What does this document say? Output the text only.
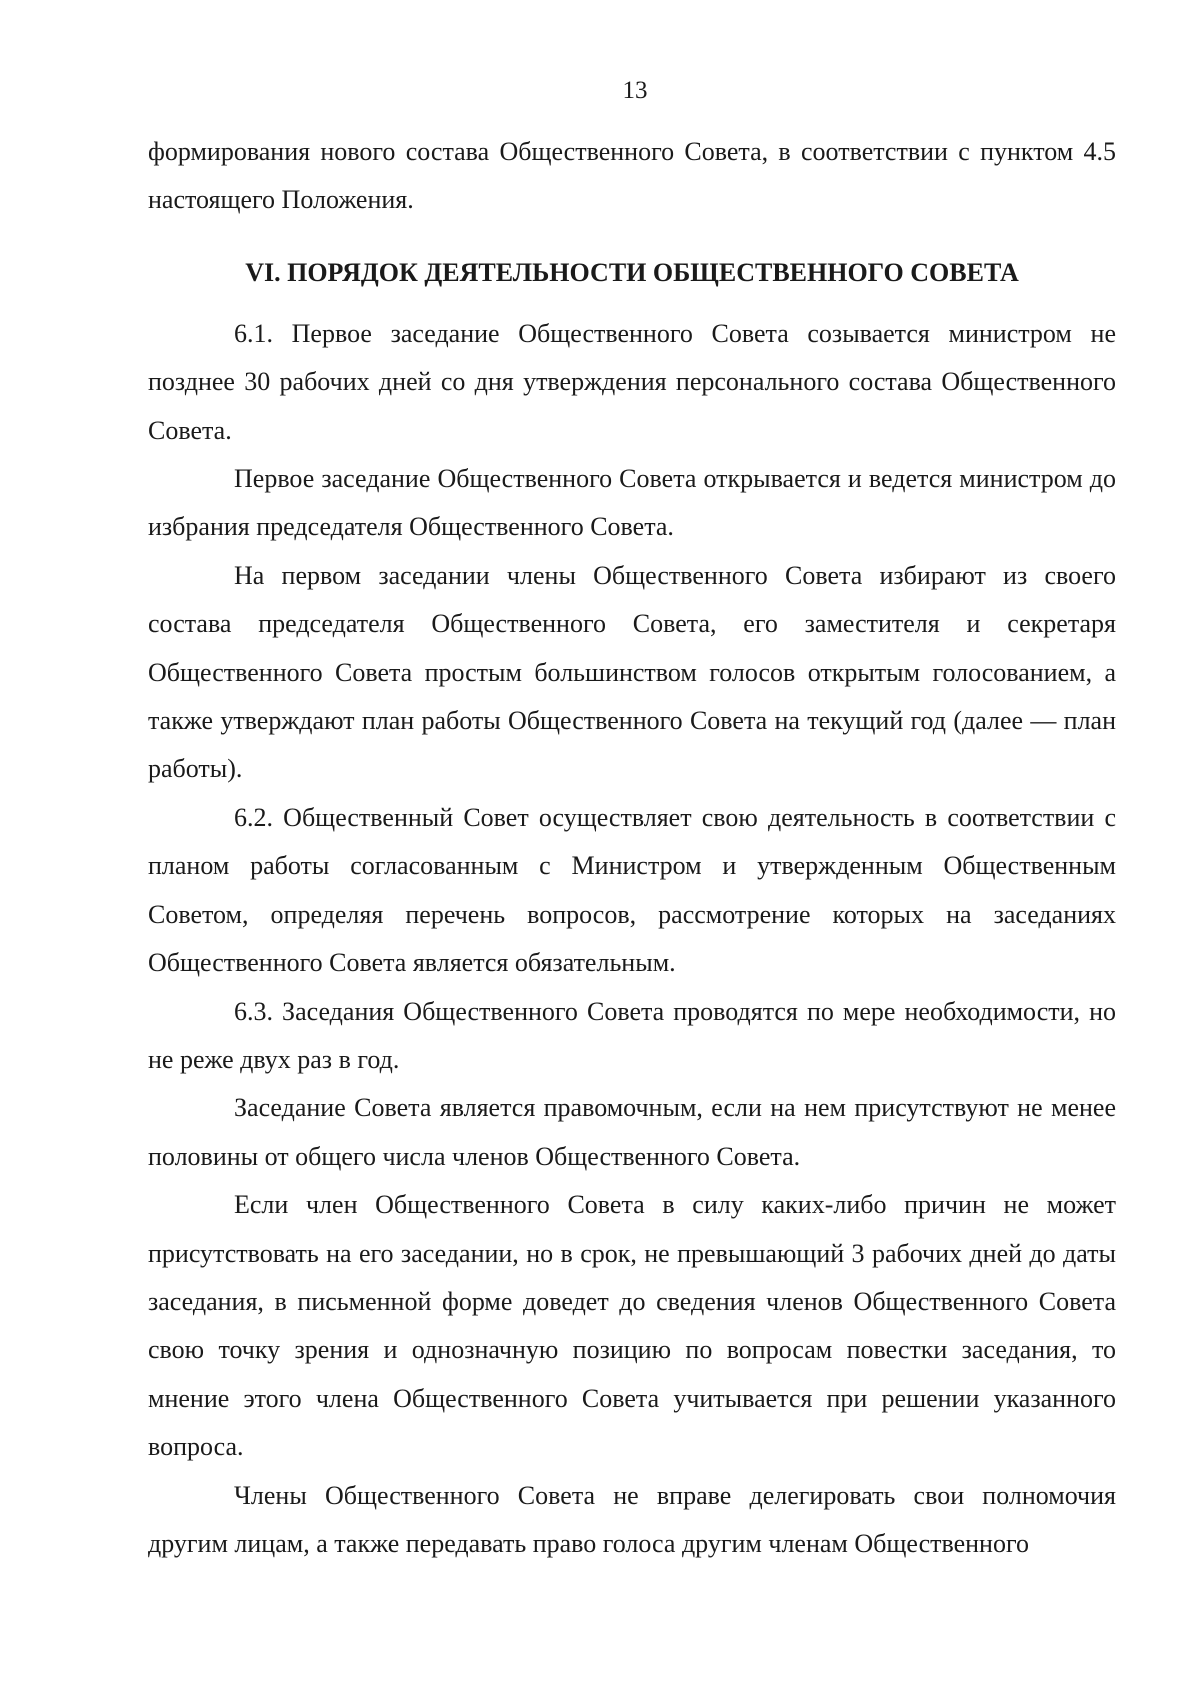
13

формирования нового состава Общественного Совета, в соответствии с пунктом 4.5 настоящего Положения.

VI. ПОРЯДОК ДЕЯТЕЛЬНОСТИ ОБЩЕСТВЕННОГО СОВЕТА

6.1. Первое заседание Общественного Совета созывается министром не позднее 30 рабочих дней со дня утверждения персонального состава Общественного Совета.

Первое заседание Общественного Совета открывается и ведется министром до избрания председателя Общественного Совета.

На первом заседании члены Общественного Совета избирают из своего состава председателя Общественного Совета, его заместителя и секретаря Общественного Совета простым большинством голосов открытым голосованием, а также утверждают план работы Общественного Совета на текущий год (далее — план работы).

6.2. Общественный Совет осуществляет свою деятельность в соответствии с планом работы согласованным с Министром и утвержденным Общественным Советом, определяя перечень вопросов, рассмотрение которых на заседаниях Общественного Совета является обязательным.

6.3. Заседания Общественного Совета проводятся по мере необходимости, но не реже двух раз в год.

Заседание Совета является правомочным, если на нем присутствуют не менее половины от общего числа членов Общественного Совета.

Если член Общественного Совета в силу каких-либо причин не может присутствовать на его заседании, но в срок, не превышающий 3 рабочих дней до даты заседания, в письменной форме доведет до сведения членов Общественного Совета свою точку зрения и однозначную позицию по вопросам повестки заседания, то мнение этого члена Общественного Совета учитывается при решении указанного вопроса.

Члены Общественного Совета не вправе делегировать свои полномочия другим лицам, а также передавать право голоса другим членам Общественного
